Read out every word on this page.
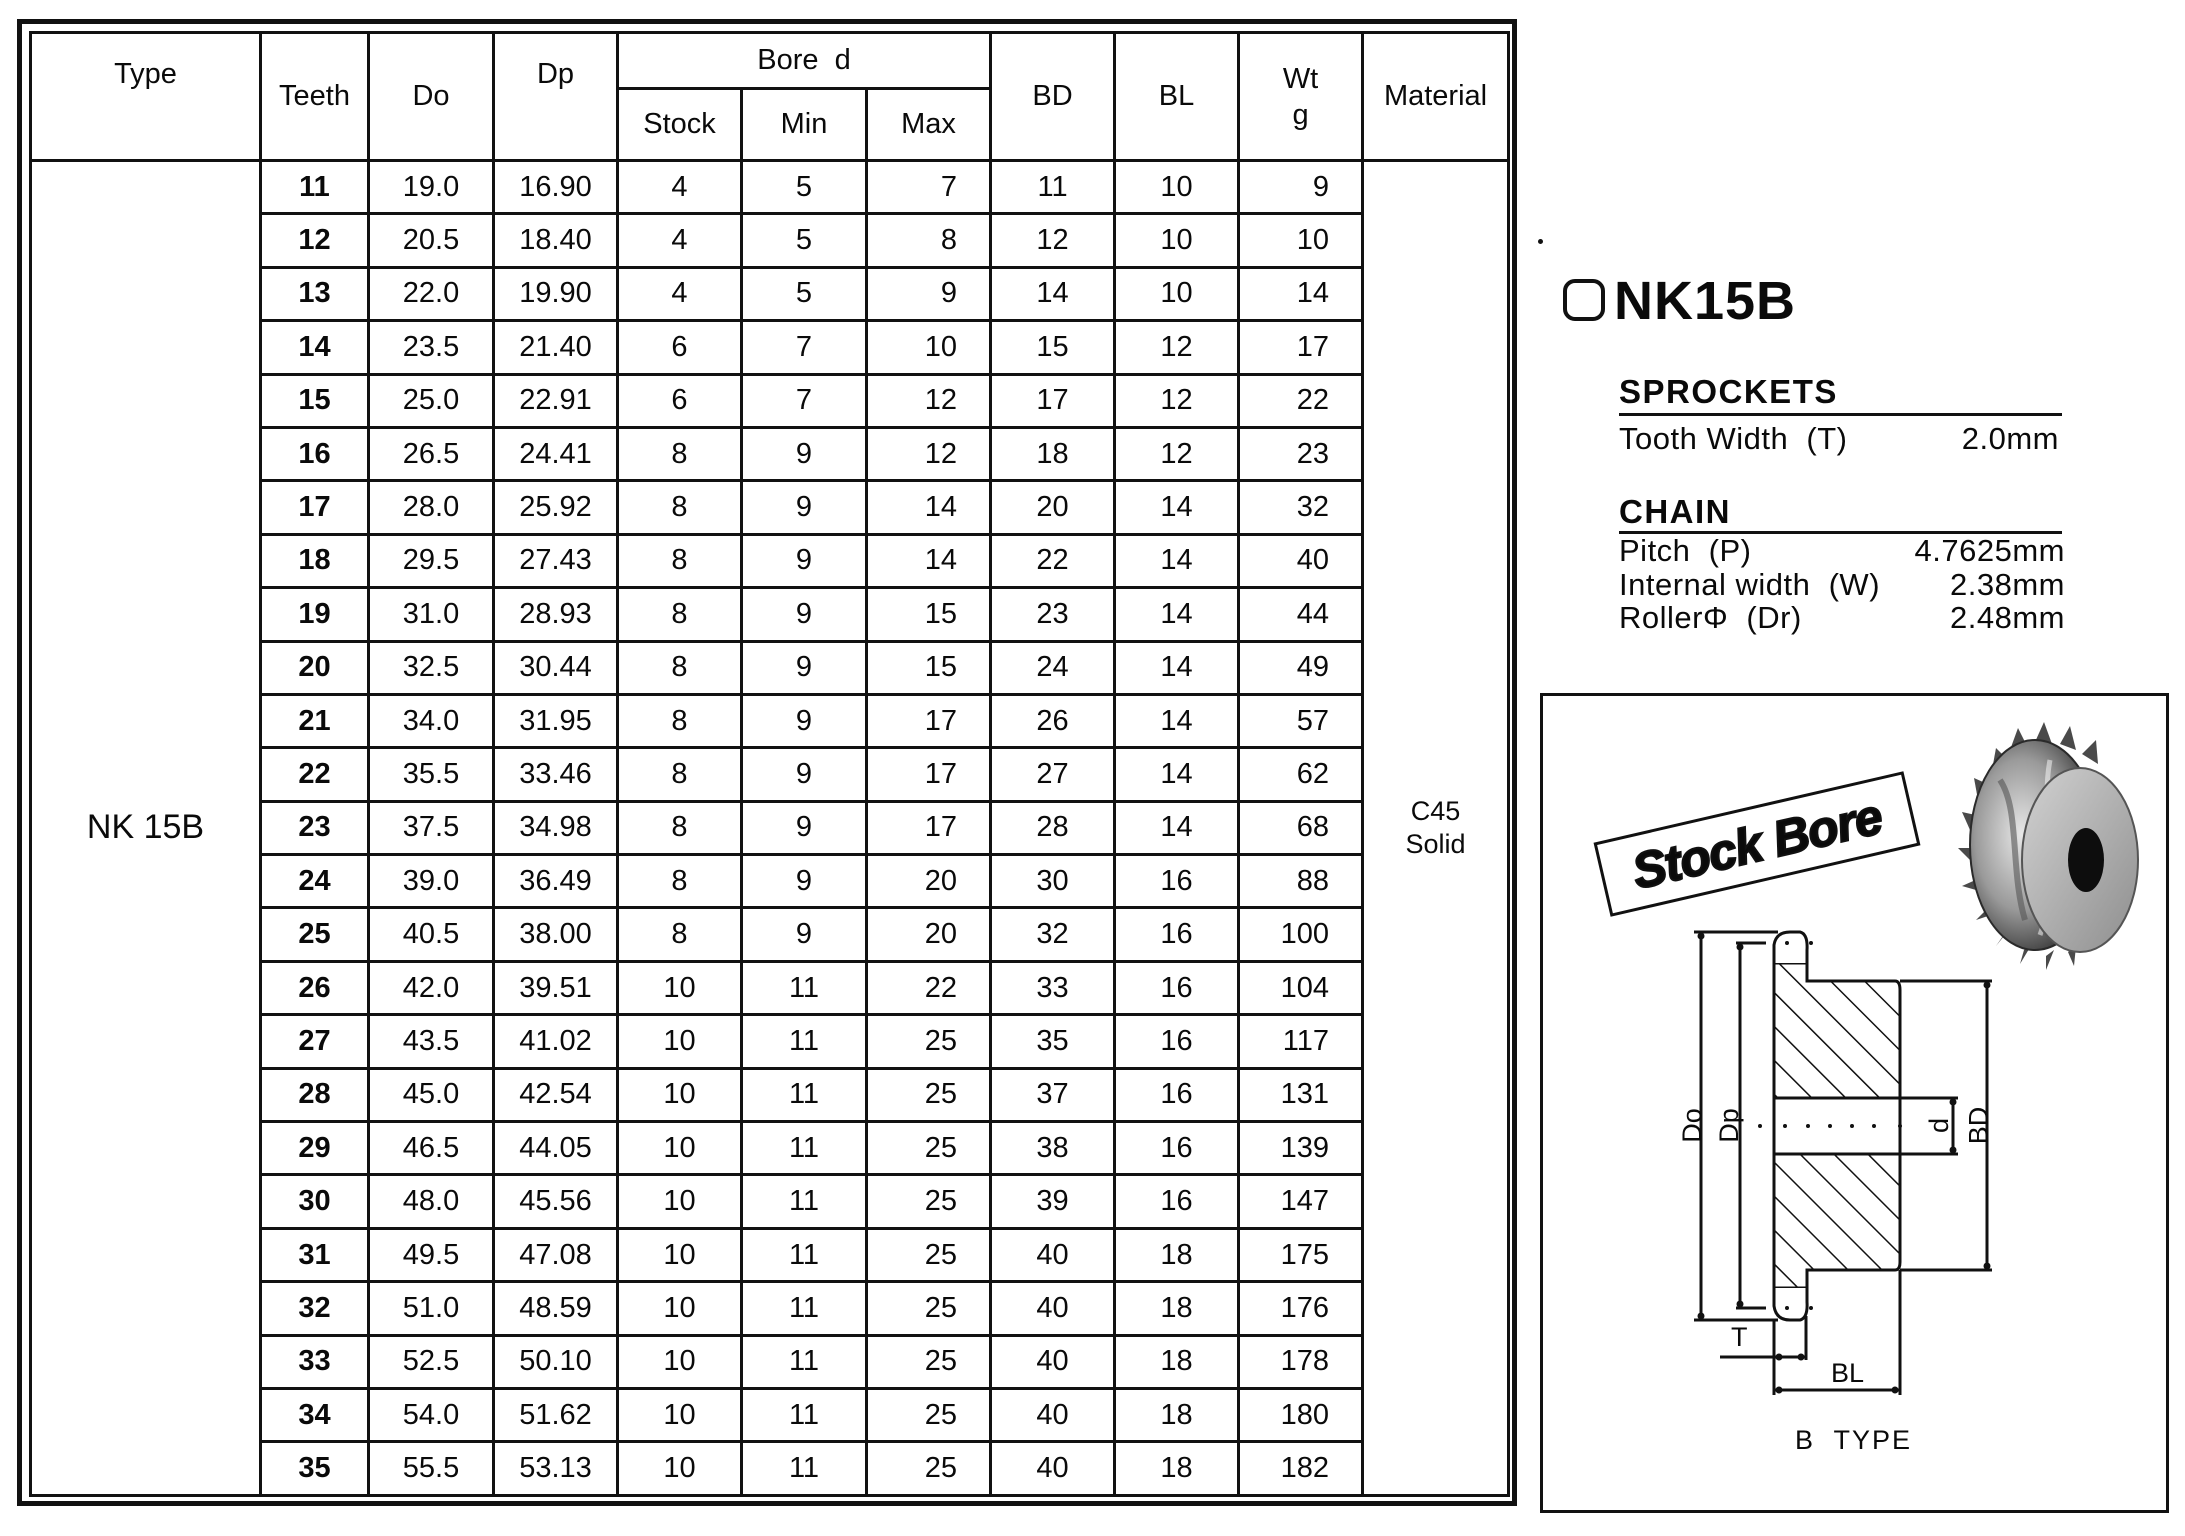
Type	Teeth	Do	Dp	Bore  d			BD	BL	Wt
g	Material
				Stock	Min	Max				
NK 15B	11	19.0	16.90	4	5	7	11	10	9	C45
Solid

	12	20.5	18.40	4	5	8	12	10	10	
	13	22.0	19.90	4	5	9	14	10	14	
	14	23.5	21.40	6	7	10	15	12	17	
	15	25.0	22.91	6	7	12	17	12	22	
	16	26.5	24.41	8	9	12	18	12	23	
	17	28.0	25.92	8	9	14	20	14	32	
	18	29.5	27.43	8	9	14	22	14	40	
	19	31.0	28.93	8	9	15	23	14	44	
	20	32.5	30.44	8	9	15	24	14	49	
	21	34.0	31.95	8	9	17	26	14	57	
	22	35.5	33.46	8	9	17	27	14	62	
	23	37.5	34.98	8	9	17	28	14	68	
	24	39.0	36.49	8	9	20	30	16	88	
	25	40.5	38.00	8	9	20	32	16	100	
	26	42.0	39.51	10	11	22	33	16	104	
	27	43.5	41.02	10	11	25	35	16	117	
	28	45.0	42.54	10	11	25	37	16	131	
	29	46.5	44.05	10	11	25	38	16	139	
	30	48.0	45.56	10	11	25	39	16	147	
	31	49.5	47.08	10	11	25	40	18	175	
	32	51.0	48.59	10	11	25	40	18	176	
	33	52.5	50.10	10	11	25	40	18	178	
	34	54.0	51.62	10	11	25	40	18	180	
	35	55.5	53.13	10	11	25	40	18	182	
NK15B
SPROCKETS
Tooth Width  (T)	2.0mm
CHAIN
Pitch  (P)	4.7625mm
Internal width  (W) 2.38mm
RollerΦ  (Dr)	2.48mm
Stock Bore
Do Dp	d BD
T
BL
B  TYPE
